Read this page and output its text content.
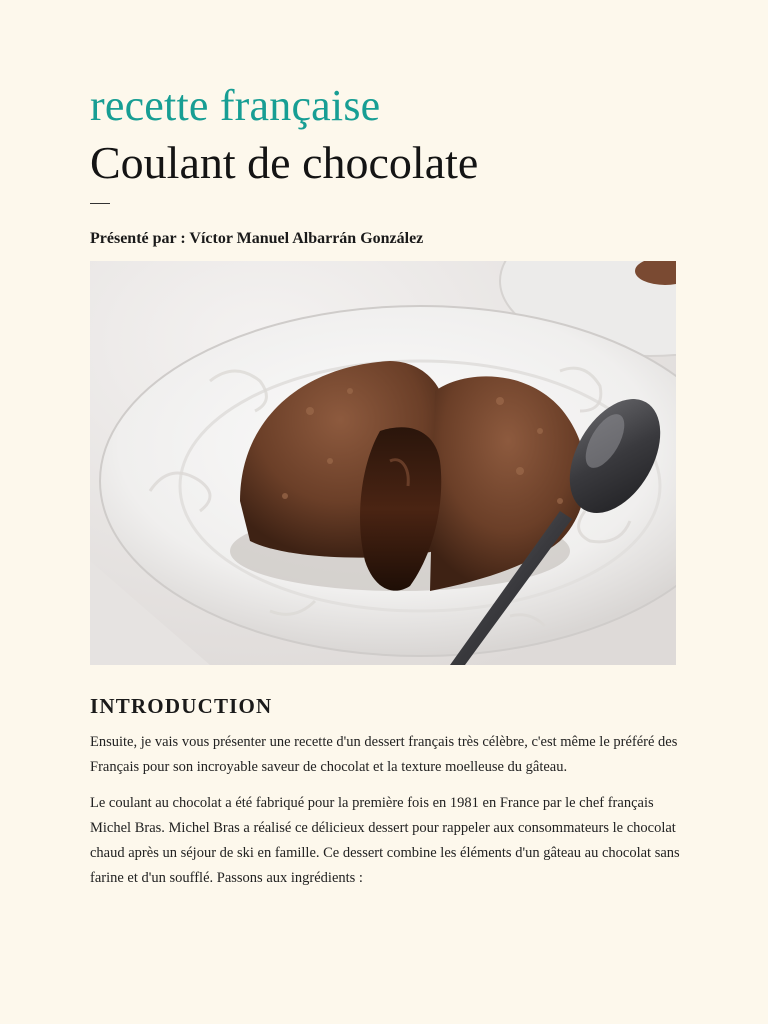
recette française
Coulant de chocolate
Présenté par : Víctor Manuel Albarrán González
INTRODUCTION
Ensuite, je vais vous présenter une recette d'un dessert français très célèbre, c'est même le préféré des Français pour son incroyable saveur de chocolat et la texture moelleuse du gâteau.
Le coulant au chocolat a été fabriqué pour la première fois en 1981 en France par le chef français Michel Bras. Michel Bras a réalisé ce délicieux dessert pour rappeler aux consommateurs le chocolat chaud après un séjour de ski en famille. Ce dessert combine les éléments d'un gâteau au chocolat sans farine et d'un soufflé. Passons aux ingrédients :
